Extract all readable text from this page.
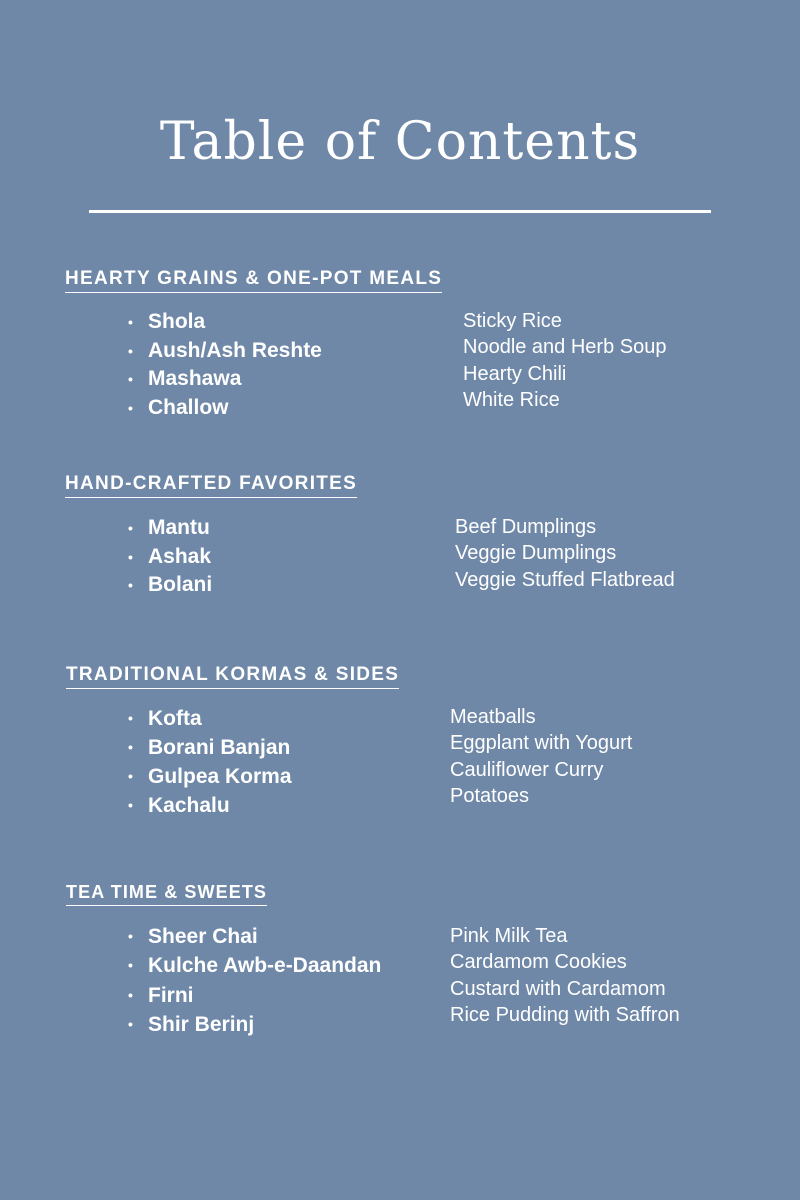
Table of Contents
HEARTY GRAINS & ONE-POT MEALS
• Shola
• Aush/Ash Reshte
• Mashawa
• Challow
Sticky Rice
Noodle and Herb Soup
Hearty Chili
White Rice
HAND-CRAFTED FAVORITES
• Mantu
• Ashak
• Bolani
Beef Dumplings
Veggie Dumplings
Veggie Stuffed Flatbread
TRADITIONAL KORMAS & SIDES
• Kofta
• Borani Banjan
• Gulpea Korma
• Kachalu
Meatballs
Eggplant with Yogurt
Cauliflower Curry
Potatoes
TEA TIME & SWEETS
• Sheer Chai
• Kulche Awb-e-Daandan
• Firni
• Shir Berinj
Pink Milk Tea
Cardamom Cookies
Custard with Cardamom
Rice Pudding with Saffron
